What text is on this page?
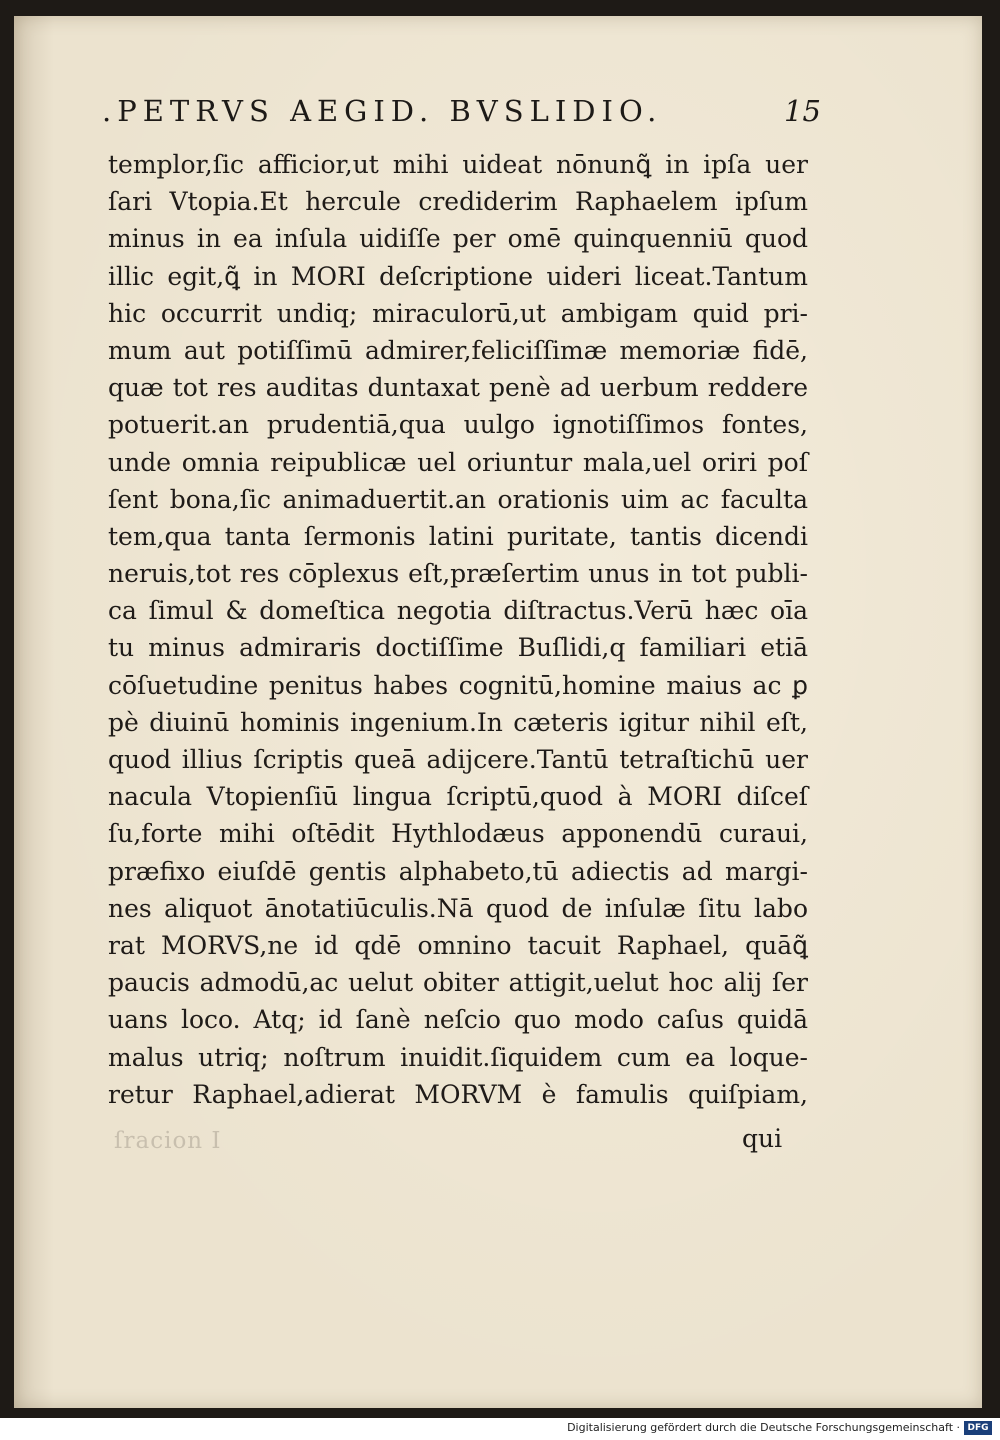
.PETRVS AEGID. BVSLIDIO.	15
templor,ſic afficior,ut mihi uideat nōnunꝗ̃ in ipſa uer
ſari Vtopia.Et hercule crediderim Raphaelem ipſum
minus in ea inſula uidiſſe per omē quinquenniū quod
illic egit,ꝗ̃ in MORI deſcriptione uideri liceat.Tantum
hic occurrit undiq; miraculorū,ut ambigam quid pri-
mum aut potiſſimū admirer,feliciſſimæ memoriæ fidē,
quæ tot res auditas duntaxat penè ad uerbum reddere
potuerit.an prudentiā,qua uulgo ignotiſſimos fontes,
unde omnia reipublicæ uel oriuntur mala,uel oriri poſ
ſent bona,ſic animaduertit.an orationis uim ac faculta
tem,qua tanta ſermonis latini puritate, tantis dicendi
neruis,tot res cōplexus eſt,præſertim unus in tot publi-
ca ſimul & domeſtica negotia diſtractus.Verū hæc oīa
tu minus admiraris doctiſſime Buſlidi,q familiari etiā
cōſuetudine penitus habes cognitū,homine maius ac ꝑ
pè diuinū hominis ingenium.In cæteris igitur nihil eſt,
quod illius ſcriptis queā adijcere.Tantū tetraſtichū uer
nacula Vtopienſiū lingua ſcriptū,quod à MORI diſceſ
ſu,forte mihi oſtēdit Hythlodæus apponendū curaui,
præfixo eiuſdē gentis alphabeto,tū adiectis ad margi-
nes aliquot ānotatiūculis.Nā quod de inſulæ ſitu labo
rat MORVS,ne id qdē omnino tacuit Raphael, quāꝗ̃
paucis admodū,ac uelut obiter attigit,uelut hoc alij ſer
uans loco. Atq; id ſanè neſcio quo modo caſus quidā
malus utriq; noſtrum inuidit.ſiquidem cum ea loque-
retur Raphael,adierat MORVM è famulis quiſpiam,
ſracion I	qui
Digitalisierung gefördert durch die Deutsche Forschungsgemeinschaft · DFG
